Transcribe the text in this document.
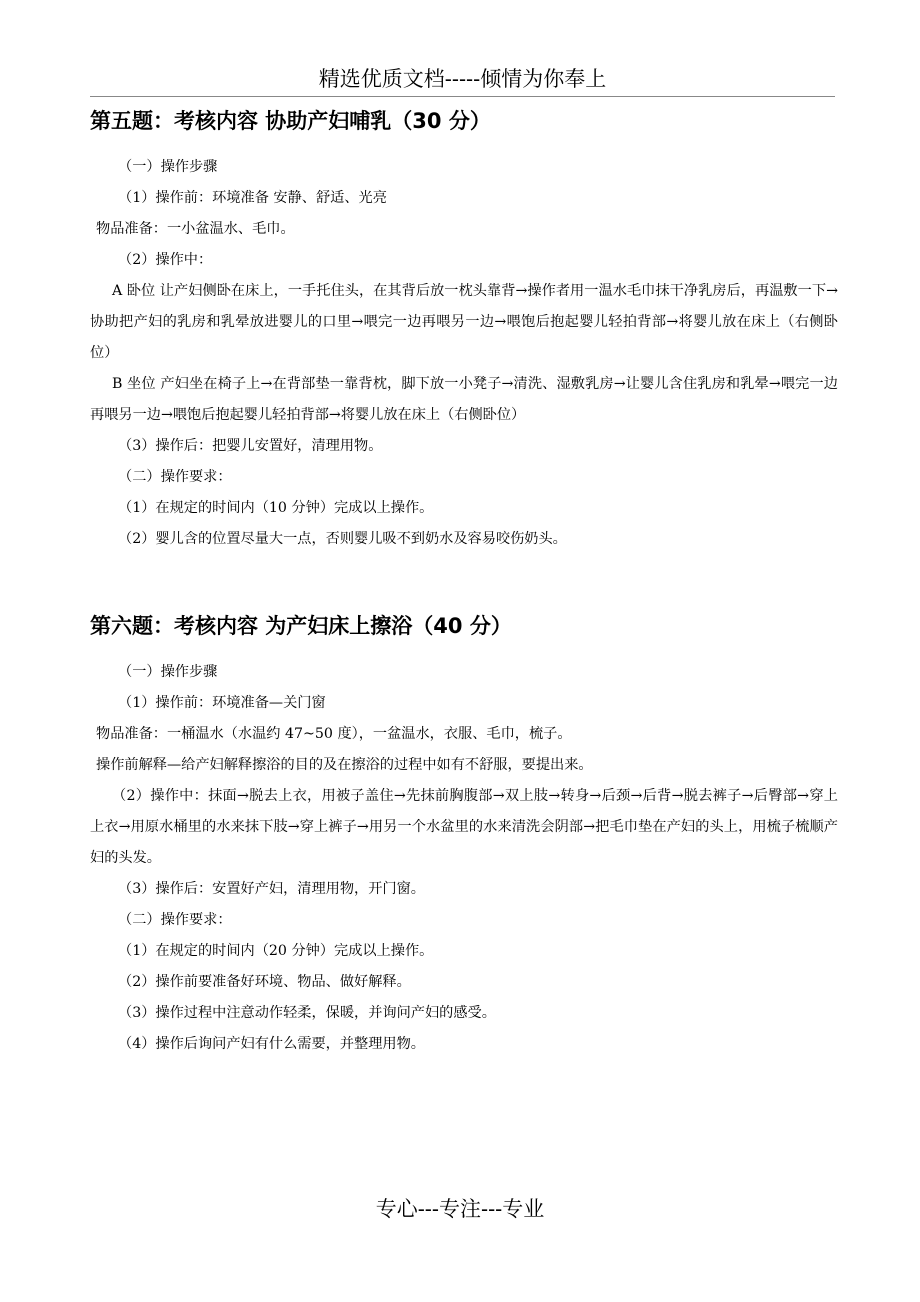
精选优质文档-----倾情为你奉上
第五题：考核内容 协助产妇哺乳（30 分）

（一）操作步骤

（1）操作前：环境准备 安静、舒适、光亮

物品准备：一小盆温水、毛巾。

（2）操作中：

A 卧位 让产妇侧卧在床上，一手托住头，在其背后放一枕头靠背→操作者用一温水毛巾抹干净乳房后，再温敷一下→协助把产妇的乳房和乳晕放进婴儿的口里→喂完一边再喂另一边→喂饱后抱起婴儿轻拍背部→将婴儿放在床上（右侧卧位）

B 坐位 产妇坐在椅子上→在背部垫一靠背枕，脚下放一小凳子→清洗、湿敷乳房→让婴儿含住乳房和乳晕→喂完一边再喂另一边→喂饱后抱起婴儿轻拍背部→将婴儿放在床上（右侧卧位）

（3）操作后：把婴儿安置好，清理用物。

（二）操作要求：

（1）在规定的时间内（10 分钟）完成以上操作。

（2）婴儿含的位置尽量大一点，否则婴儿吸不到奶水及容易咬伤奶头。

第六题：考核内容 为产妇床上擦浴（40 分）

（一）操作步骤

（1）操作前：环境准备—关门窗

物品准备：一桶温水（水温约 47~50 度），一盆温水，衣服、毛巾，梳子。

操作前解释—给产妇解释擦浴的目的及在擦浴的过程中如有不舒服，要提出来。

（2）操作中：抹面→脱去上衣，用被子盖住→先抹前胸腹部→双上肢→转身→后颈→后背→脱去裤子→后臀部→穿上上衣→用原水桶里的水来抹下肢→穿上裤子→用另一个水盆里的水来清洗会阴部→把毛巾垫在产妇的头上，用梳子梳顺产妇的头发。

（3）操作后：安置好产妇，清理用物，开门窗。

（二）操作要求：

（1）在规定的时间内（20 分钟）完成以上操作。

（2）操作前要准备好环境、物品、做好解释。

（3）操作过程中注意动作轻柔，保暖，并询问产妇的感受。

（4）操作后询问产妇有什么需要，并整理用物。

专心---专注---专业
